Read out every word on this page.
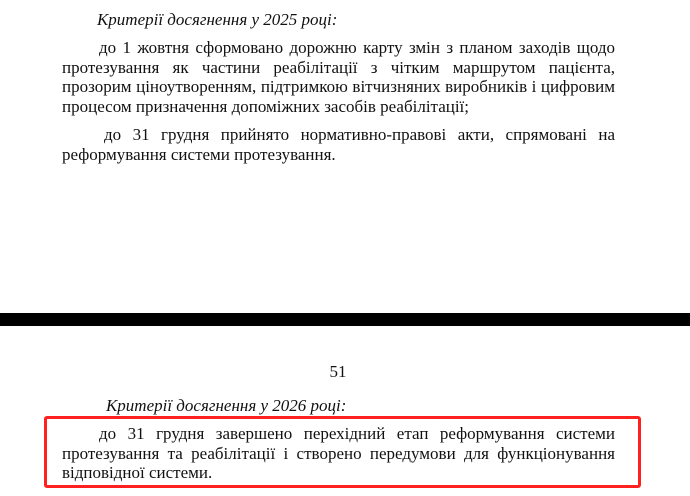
Критерії досягнення у 2025 році:
до 1 жовтня сформовано дорожню карту змін з планом заходів щодо
протезування як частини реабілітації з чітким маршрутом пацієнта,
прозорим ціноутворенням, підтримкою вітчизняних виробників і цифровим
процесом призначення допоміжних засобів реабілітації;
до 31 грудня прийнято нормативно-правові акти, спрямовані на
реформування системи протезування.
51
Критерії досягнення у 2026 році:
до 31 грудня завершено перехідний етап реформування системи
протезування та реабілітації і створено передумови для функціонування
відповідної системи.
